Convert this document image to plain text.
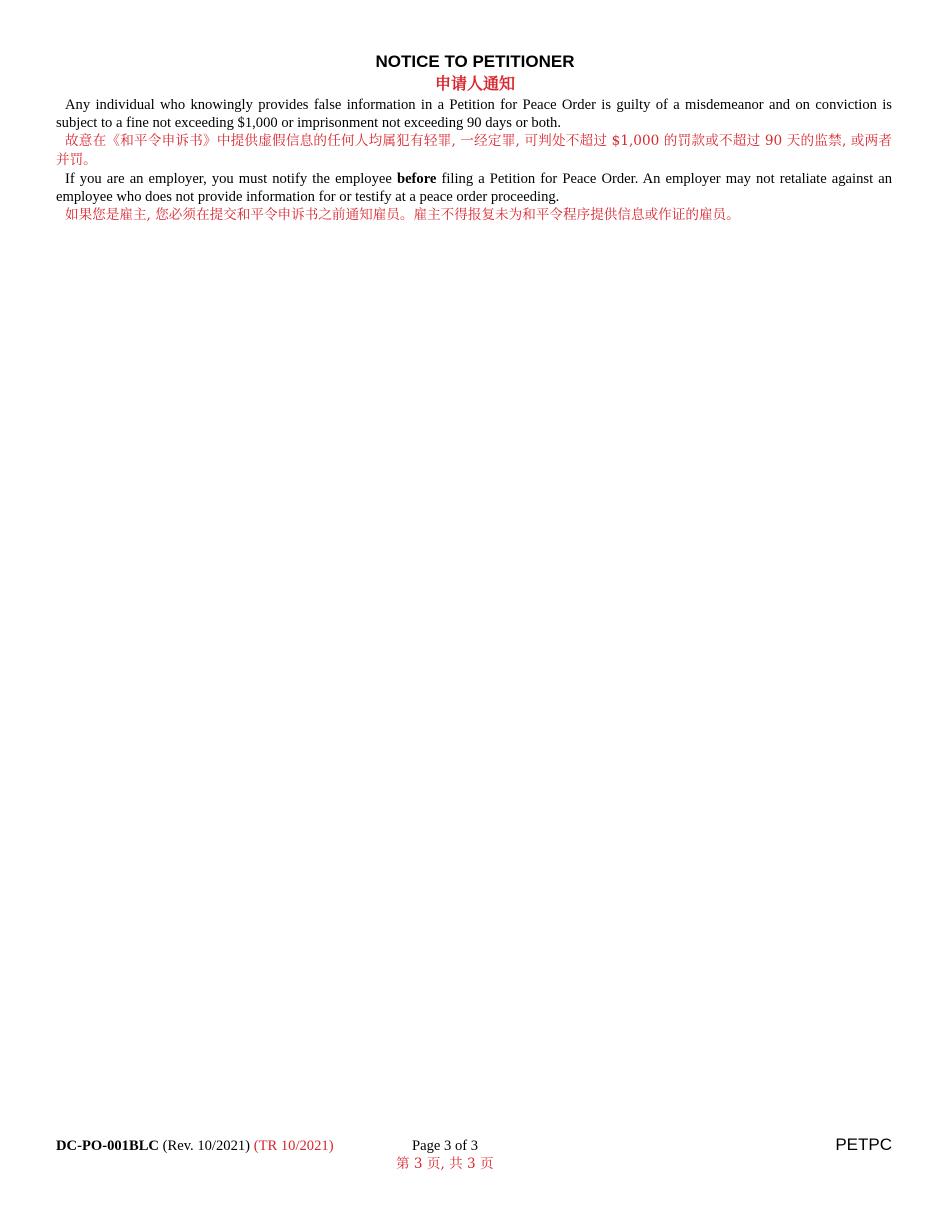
NOTICE TO PETITIONER
申请人通知

Any individual who knowingly provides false information in a Petition for Peace Order is guilty of a misdemeanor and on conviction is subject to a fine not exceeding $1,000 or imprisonment not exceeding 90 days or both.

故意在《和平令申诉书》中提供虚假信息的任何人均属犯有轻罪, 一经定罪, 可判处不超过 $1,000 的罚款或不超过 90 天的监禁, 或两者并罚。

If you are an employer, you must notify the employee before filing a Petition for Peace Order. An employer may not retaliate against an employee who does not provide information for or testify at a peace order proceeding.

如果您是雇主, 您必须在提交和平令申诉书之前通知雇员。雇主不得报复未为和平令程序提供信息或作证的雇员。

DC-PO-001BLC (Rev. 10/2021) (TR 10/2021)	Page 3 of 3
第 3 页, 共 3 页
PETPC
